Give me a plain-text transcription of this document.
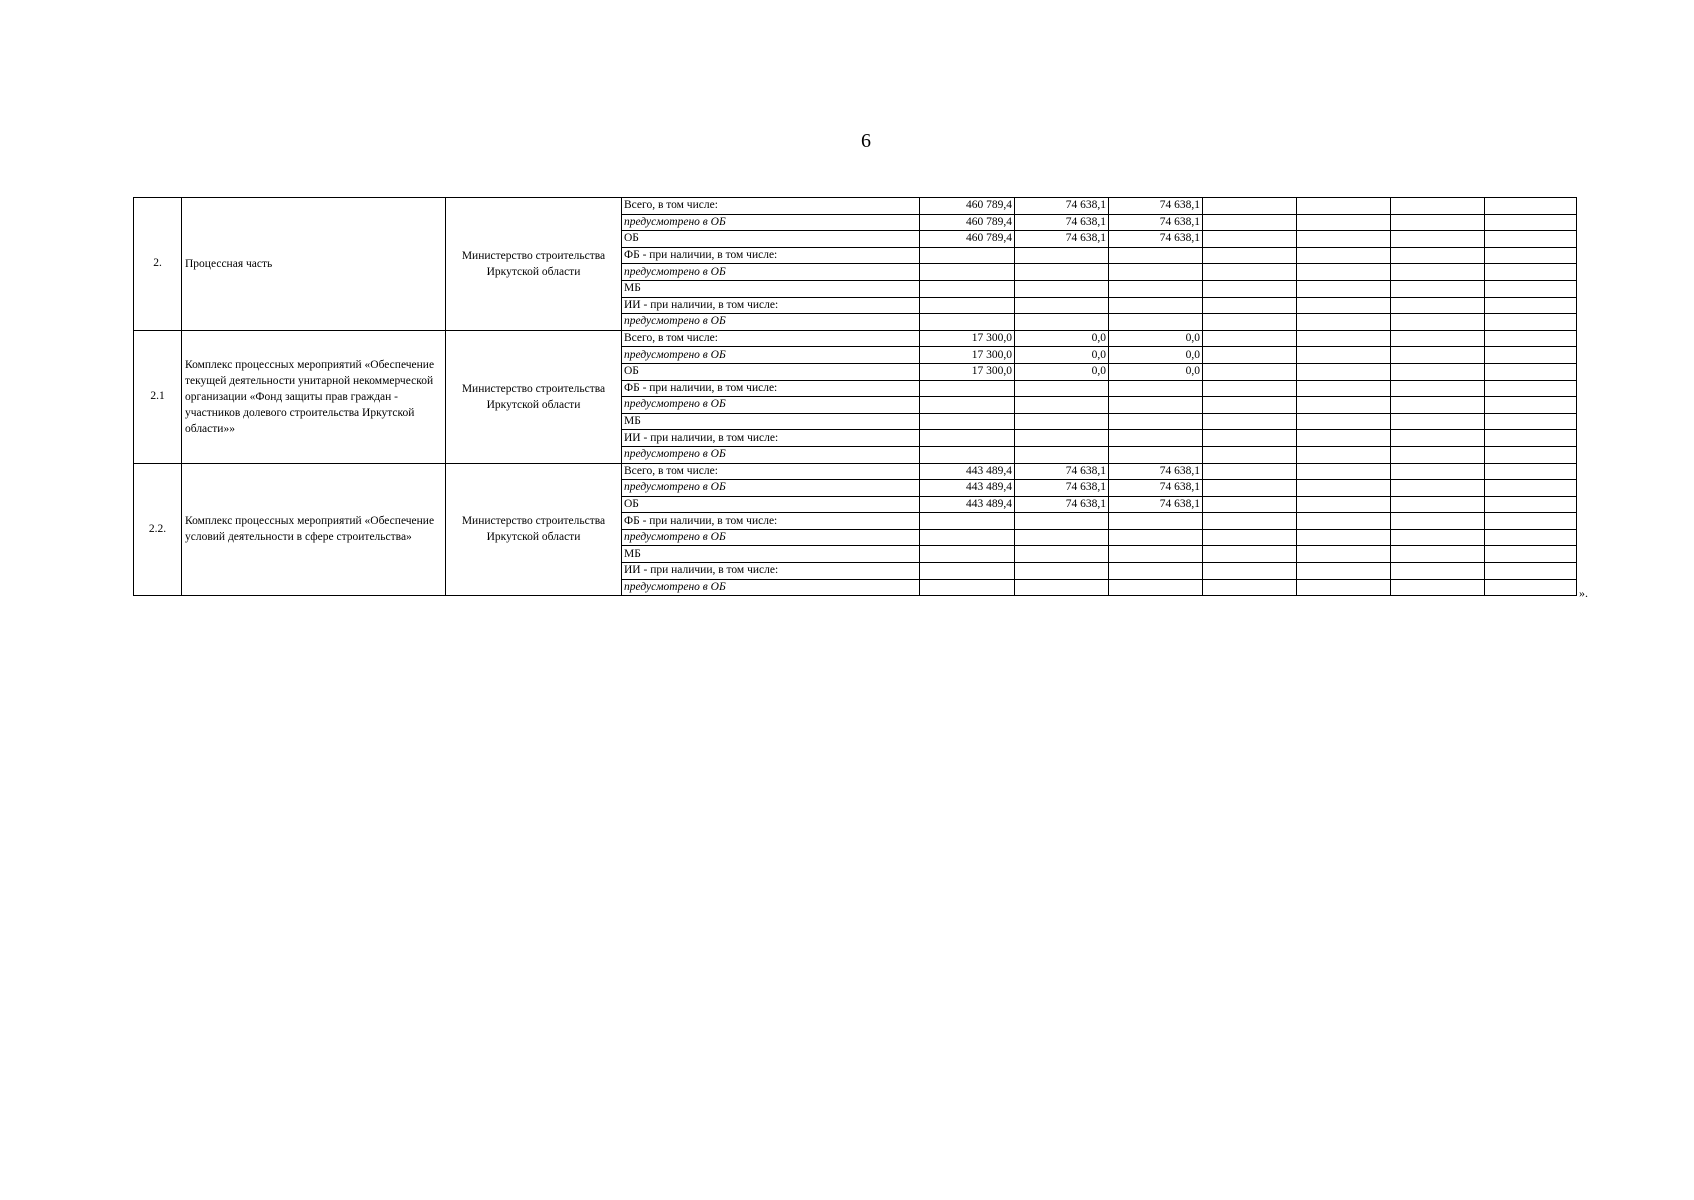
6
2.	Процессная часть	Министерство строительства Иркутской области	Всего, в том числе:	460 789,4	74 638,1	74 638,1				
			предусмотрено в ОБ	460 789,4	74 638,1	74 638,1				
			ОБ	460 789,4	74 638,1	74 638,1				
			ФБ - при наличии, в том числе:							
			предусмотрено в ОБ							
			МБ							
			ИИ - при наличии, в том числе:							
			предусмотрено в ОБ							
2.1	Комплекс процессных мероприятий «Обеспечение текущей деятельности унитарной некоммерческой организации «Фонд защиты прав граждан - участников долевого строительства Иркутской области»»	Министерство строительства Иркутской области	Всего, в том числе:	17 300,0	0,0	0,0				
			предусмотрено в ОБ	17 300,0	0,0	0,0				
			ОБ	17 300,0	0,0	0,0				
			ФБ - при наличии, в том числе:							
			предусмотрено в ОБ							
			МБ							
			ИИ - при наличии, в том числе:							
			предусмотрено в ОБ							
2.2.	Комплекс процессных мероприятий «Обеспечение условий деятельности в сфере строительства»	Министерство строительства Иркутской области	Всего, в том числе:	443 489,4	74 638,1	74 638,1				
			предусмотрено в ОБ	443 489,4	74 638,1	74 638,1				
			ОБ	443 489,4	74 638,1	74 638,1				
			ФБ - при наличии, в том числе:							
			предусмотрено в ОБ							
			МБ							
			ИИ - при наличии, в том числе:							
			предусмотрено в ОБ								».
